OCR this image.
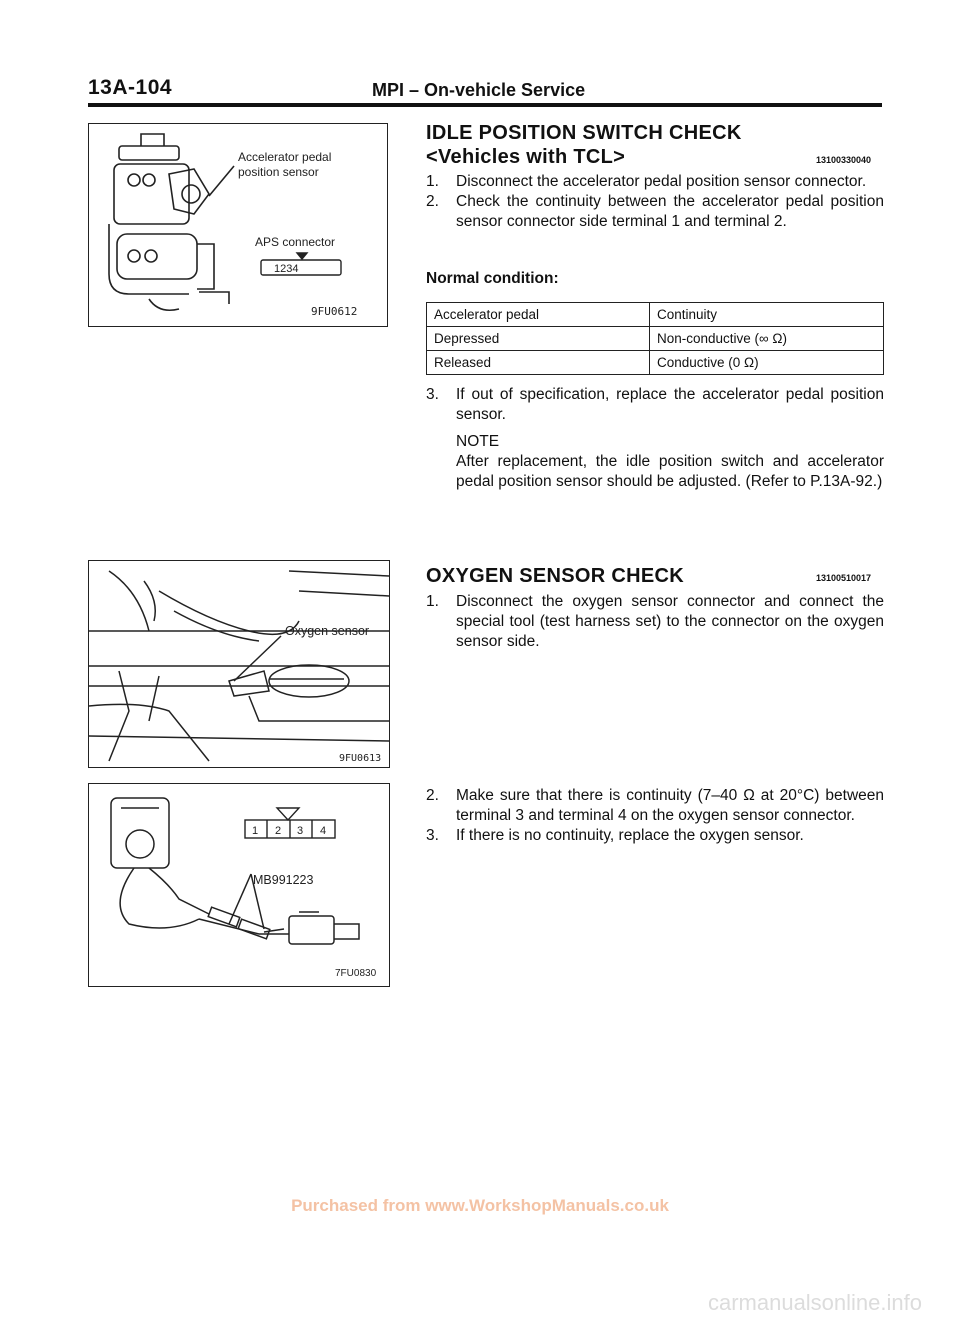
13A-104	MPI – On-vehicle Service
1234
Accelerator pedal
position sensor
APS connector
9FU0612
IDLE POSITION SWITCH CHECK
<Vehicles with TCL>	13100330040
1. Disconnect the accelerator pedal position sensor connector.
2. Check the continuity between the accelerator pedal position sensor connector side terminal 1 and terminal 2.
Normal condition:
Accelerator pedal	Continuity
Depressed	Non-conductive (∞ Ω)
Released	Conductive (0 Ω)
3. If out of specification, replace the accelerator pedal position sensor.
NOTE
After replacement, the idle position switch and accelerator pedal position sensor should be adjusted. (Refer to P.13A-92.)
Oxygen sensor
9FU0613
OXYGEN SENSOR CHECK	13100510017
1. Disconnect the oxygen sensor connector and connect the special tool (test harness set) to the connector on the oxygen sensor side.
1 2 3 4
MB991223
7FU0830
2. Make sure that there is continuity (7–40 Ω at 20°C) between terminal 3 and terminal 4 on the oxygen sensor connector.
3. If there is no continuity, replace the oxygen sensor.
Purchased from www.WorkshopManuals.co.uk
carmanualsonline.info
